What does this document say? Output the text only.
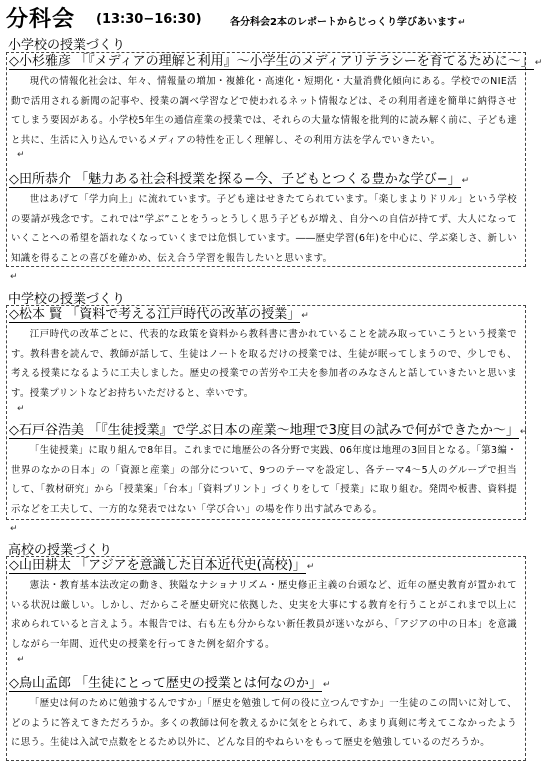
分科会 (13:30−16:30)	各分科会2本のレポートからじっくり学びあいます↵
小学校の授業づくり
◇小杉雅彦 「『メディアの理解と利用』〜小学生のメディアリテラシーを育てるために〜」↵
現代の情報化社会は、年々、情報量の増加・複雑化・高速化・短期化・大量消費化傾向にある。学校でのNIE活動で活用される新聞の記事や、授業の調べ学習などで使われるネット情報などは、その利用者達を簡単に納得させてしまう要因がある。小学校5年生の通信産業の授業では、それらの大量な情報を批判的に読み解く前に、子ども達と共に、生活に入り込んでいるメディアの特性を正しく理解し、その利用方法を学んでいきたい。
↵
◇田所恭介 「魅力ある社会科授業を探る−今、子どもとつくる豊かな学び−」↵
世はあげて「学力向上」に流れています。子ども達はせきたてられています。「楽しまよりドリル」という学校の要請が残念です。これでは“学ぶ”ことをうっとうしく思う子どもが増え、自分への自信が持てず、大人になっていくことへの希望を語れなくなっていくまでは危惧しています。――歴史学習(6年)を中心に、学ぶ楽しさ、新しい知識を得ることの喜びを確かめ、伝え合う学習を報告したいと思います。
↵
中学校の授業づくり
◇松本 賢 「資料で考える江戸時代の改革の授業」↵
江戸時代の改革ごとに、代表的な政策を資料から教科書に書かれていることを読み取っていこうという授業です。教科書を読んで、教師が話して、生徒はノートを取るだけの授業では、生徒が眠ってしまうので、少しでも、考える授業になるように工夫しました。歴史の授業での苦労や工夫を参加者のみなさんと話していきたいと思います。授業プリントなどお持ちいただけると、幸いです。
↵
◇石戸谷浩美 「『生徒授業』で学ぶ日本の産業〜地理で3度目の試みで何ができたか〜」↵
「生徒授業」に取り組んで8年目。これまでに地歴公の各分野で実践、06年度は地理の3回目となる。「第3編・世界のなかの日本」の「資源と産業」の部分について、9つのテーマを設定し、各テーマ4〜5人のグループで担当して、「教材研究」から「授業案」「台本」「資料プリント」づくりをして「授業」に取り組む。発問や板書、資料提示などを工夫して、一方的な発表ではない「学び合い」の場を作り出す試みである。
↵
高校の授業づくり
◇山田耕太 「アジアを意識した日本近代史(高校)」↵
憲法・教育基本法改定の動き、狭隘なナショナリズム・歴史修正主義の台頭など、近年の歴史教育が置かれている状況は厳しい。しかし、だからこそ歴史研究に依拠した、史実を大事にする教育を行うことがこれまで以上に求められていると言えよう。本報告では、右も左も分からない新任教員が迷いながら、「アジアの中の日本」を意識しながら一年間、近代史の授業を行ってきた例を紹介する。
↵
◇鳥山孟郎 「生徒にとって歴史の授業とは何なのか」↵
「歴史は何のために勉強するんですか」「歴史を勉強して何の役に立つんですか」一生徒のこの問いに対して、どのように答えてきただろうか。多くの教師は何を教えるかに気をとられて、あまり真剣に考えてこなかったように思う。生徒は入試で点数をとるため以外に、どんな目的やねらいをもって歴史を勉強しているのだろうか。
